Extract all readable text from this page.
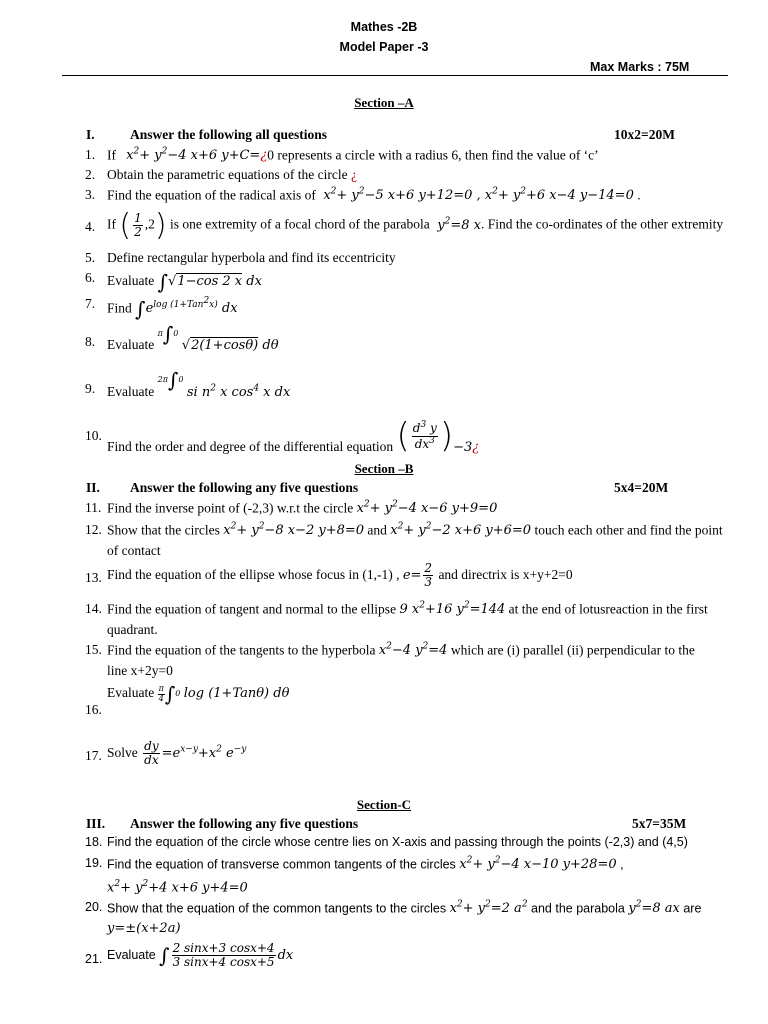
Mathes -2B
Model Paper -3
Max Marks : 75M
Section –A
I.	Answer the following all questions	10x2=20M
1. If $x^2+ y^2-4$ x+6 y+C=¿0 represents a circle with a radius 6, then find the value of ‘c’
2. Obtain the parametric equations of the circle ¿
3. Find the equation of the radical axis of  $x^2+ y^2-5$ x+6 y+12=0 , $x^2+ y^2+6$ x−4 y−14=0 .
4. If ( $\frac{1}{2} ,2$) is one extremity of a focal chord of the parabola  $y^2=8$ x. Find the co-ordinates of the other extremity
5. Define rectangular hyperbola and find its eccentricity
6. Evaluate ∫√1−cos 2 x dx
7. Find $\int e^{log (1+Tan^2x)}$ dx
8. Evaluate π∫0 √2(1+cosθ) dθ
9. Evaluate 2π∫0 si $n^2$ x $\cos^4 x$ dx
10.
Find the order and degree of the differential equation ( $\frac{d^3 y}{dx^3}$ )−3¿
Section –B
II. Answer the following any five questions	5x4=20M
11. Find the inverse point of (-2,3) w.r.t the circle $x^2+ y^2-4$ x−6 y+9=0
12. Show that the circles $x^2+ y^2-8$ x−2 y+8=0 and $x^2+ y^2-2$ x+6 y+6=0 touch each other and find the point
of contact
13. Find the equation of the ellipse whose focus in (1,-1) , $e= \frac{2}{3}$ and directrix is x+y+2=0
14. Find the equation of tangent and normal to the ellipse 9 $x^2+16$ $y^2=144$ at the end of lotusreaction in the first
quadrant.
15. Find the equation of the tangents to the hyperbola $x^2-4$ $y^2=4$ which are (i) parallel (ii) perpendicular to the
line x+2y=0
16.
Evaluate $\frac{\pi}{4} \int 0$ log (1+Tanθ) dθ
17. Solve $\frac{dy}{dx} =e^{x-y}+x^2$ $e^{-y}$
Section-C
III. Answer the following any five questions	5x7=35M
18. Find the equation of the circle whose centre lies on X-axis and passing through the points (-2,3) and (4,5)
19. Find the equation of transverse common tangents of the circles $x^2+ y^2-4$ x−10 y+28=0 ,
$x^2+ y^2+4$ x+6 y+4=0
20. Show that the equation of the common tangents to the circles $x^2+ y^2=2$ $a^2$ and the parabola $y^2=8$ ax are
y=±(x+2a)
21. Evaluate ∫ $\frac{2 \sin x+3 \cos x+4}{3 \sin x+4 \cos x+5}$ dx
